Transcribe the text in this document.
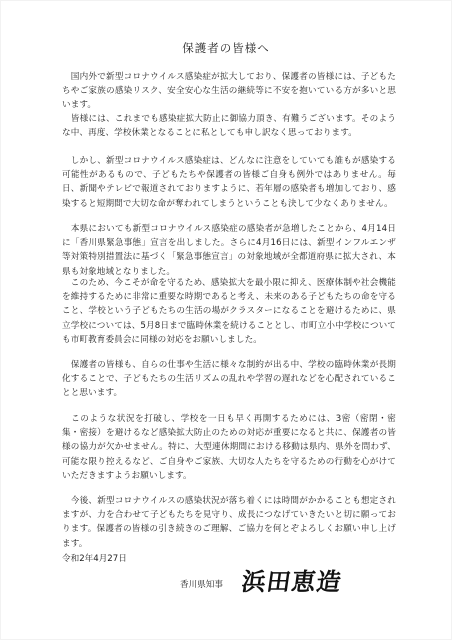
保護者の皆様へ
　国内外で新型コロナウイルス感染症が拡大しており、保護者の皆様には、子どもたちやご家族の感染リスク、安全安心な生活の継続等に不安を抱いている方が多いと思います。
　皆様には、これまでも感染症拡大防止に御協力頂き、有難うございます。そのような中、再度、学校休業となることに私としても申し訳なく思っております。
　しかし、新型コロナウイルス感染症は、どんなに注意をしていても誰もが感染する可能性があるもので、子どもたちや保護者の皆様ご自身も例外ではありません。毎日、新聞やテレビで報道されておりますように、若年層の感染者も増加しており、感染すると短期間で大切な命が奪われてしまうということも決して少なくありません。
　本県においても新型コロナウイルス感染症の感染者が急増したことから、4月14日に「香川県緊急事態」宣言を出しました。さらに4月16日には、新型インフルエンザ等対策特別措置法に基づく「緊急事態宣言」の対象地域が全都道府県に拡大され、本県も対象地域となりました。
　このため、今こそが命を守るため、感染拡大を最小限に抑え、医療体制や社会機能を維持するために非常に重要な時期であると考え、未来のある子どもたちの命を守ること、学校という子どもたちの生活の場がクラスターになることを避けるために、県立学校については、5月8日まで臨時休業を続けることとし、市町立小中学校についても市町教育委員会に同様の対応をお願いしました。
　保護者の皆様も、自らの仕事や生活に様々な制約が出る中、学校の臨時休業が長期化することで、子どもたちの生活リズムの乱れや学習の遅れなどを心配されていることと思います。
　このような状況を打破し、学校を一日も早く再開するためには、3密（密閉・密集・密接）を避けるなど感染拡大防止のための対応が重要になると共に、保護者の皆様の協力が欠かせません。特に、大型連休期間における移動は県内、県外を問わず、可能な限り控えるなど、ご自身やご家族、大切な人たちを守るための行動を心がけていただきますようお願いします。
　今後、新型コロナウイルスの感染状況が落ち着くには時間がかかることも想定されますが、力を合わせて子どもたちを見守り、成長につなげていきたいと切に願っております。保護者の皆様の引き続きのご理解、ご協力を何とぞよろしくお願い申し上げます。
令和2年4月27日
香川県知事 浜田恵造
